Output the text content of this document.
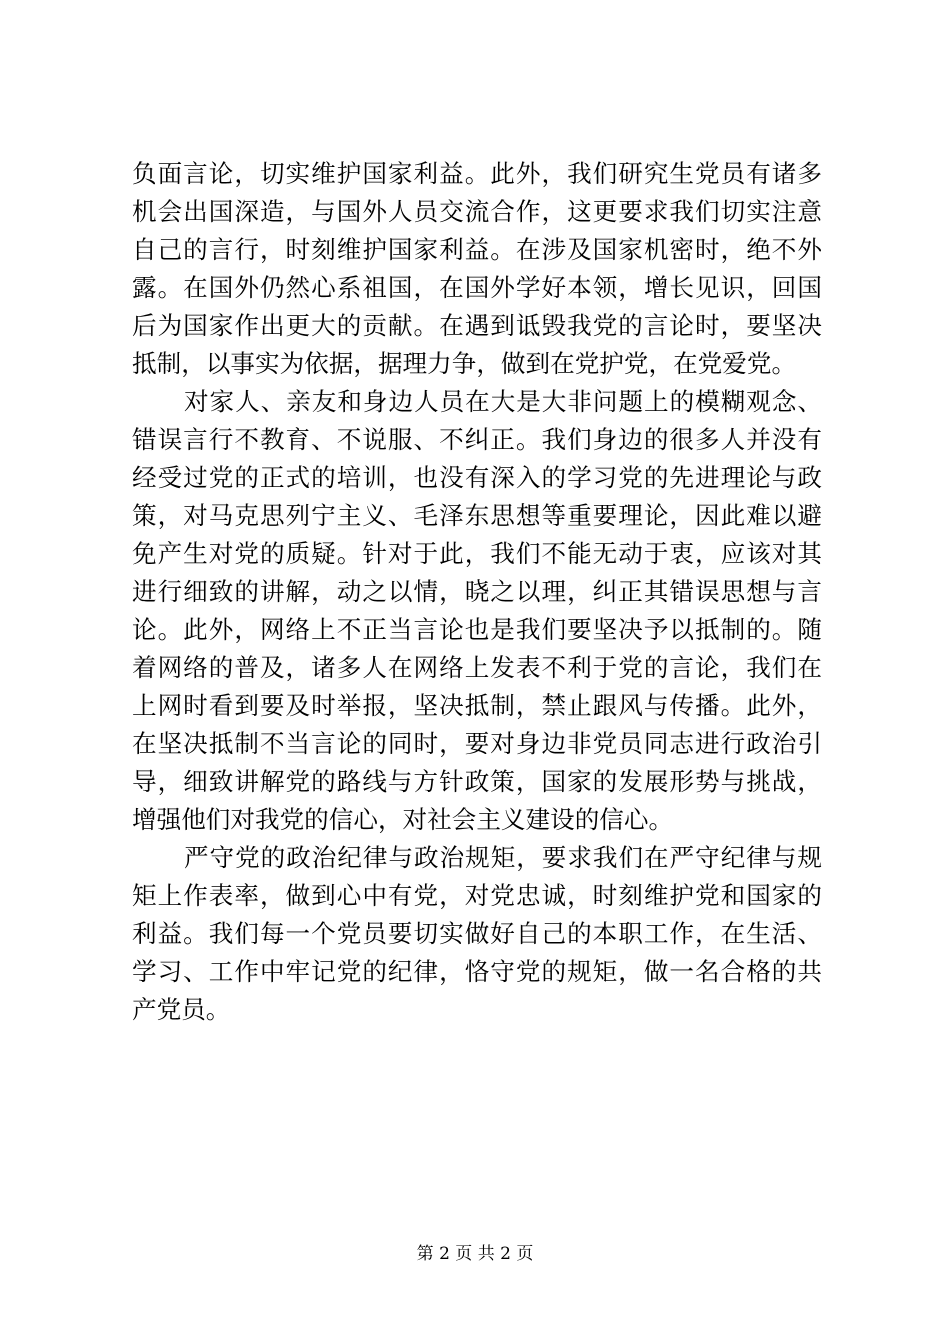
负面言论，切实维护国家利益。此外，我们研究生党员有诸多
机会出国深造，与国外人员交流合作，这更要求我们切实注意
自己的言行，时刻维护国家利益。在涉及国家机密时，绝不外
露。在国外仍然心系祖国，在国外学好本领，增长见识，回国
后为国家作出更大的贡献。在遇到诋毁我党的言论时，要坚决
抵制，以事实为依据，据理力争，做到在党护党，在党爱党。
对家人、亲友和身边人员在大是大非问题上的模糊观念、
错误言行不教育、不说服、不纠正。我们身边的很多人并没有
经受过党的正式的培训，也没有深入的学习党的先进理论与政
策，对马克思列宁主义、毛泽东思想等重要理论，因此难以避
免产生对党的质疑。针对于此，我们不能无动于衷，应该对其
进行细致的讲解，动之以情，晓之以理，纠正其错误思想与言
论。此外，网络上不正当言论也是我们要坚决予以抵制的。随
着网络的普及，诸多人在网络上发表不利于党的言论，我们在
上网时看到要及时举报，坚决抵制，禁止跟风与传播。此外，
在坚决抵制不当言论的同时，要对身边非党员同志进行政治引
导，细致讲解党的路线与方针政策，国家的发展形势与挑战，
增强他们对我党的信心，对社会主义建设的信心。
严守党的政治纪律与政治规矩，要求我们在严守纪律与规
矩上作表率，做到心中有党，对党忠诚，时刻维护党和国家的
利益。我们每一个党员要切实做好自己的本职工作，在生活、
学习、工作中牢记党的纪律，恪守党的规矩，做一名合格的共
产党员。
第 2 页 共 2 页
